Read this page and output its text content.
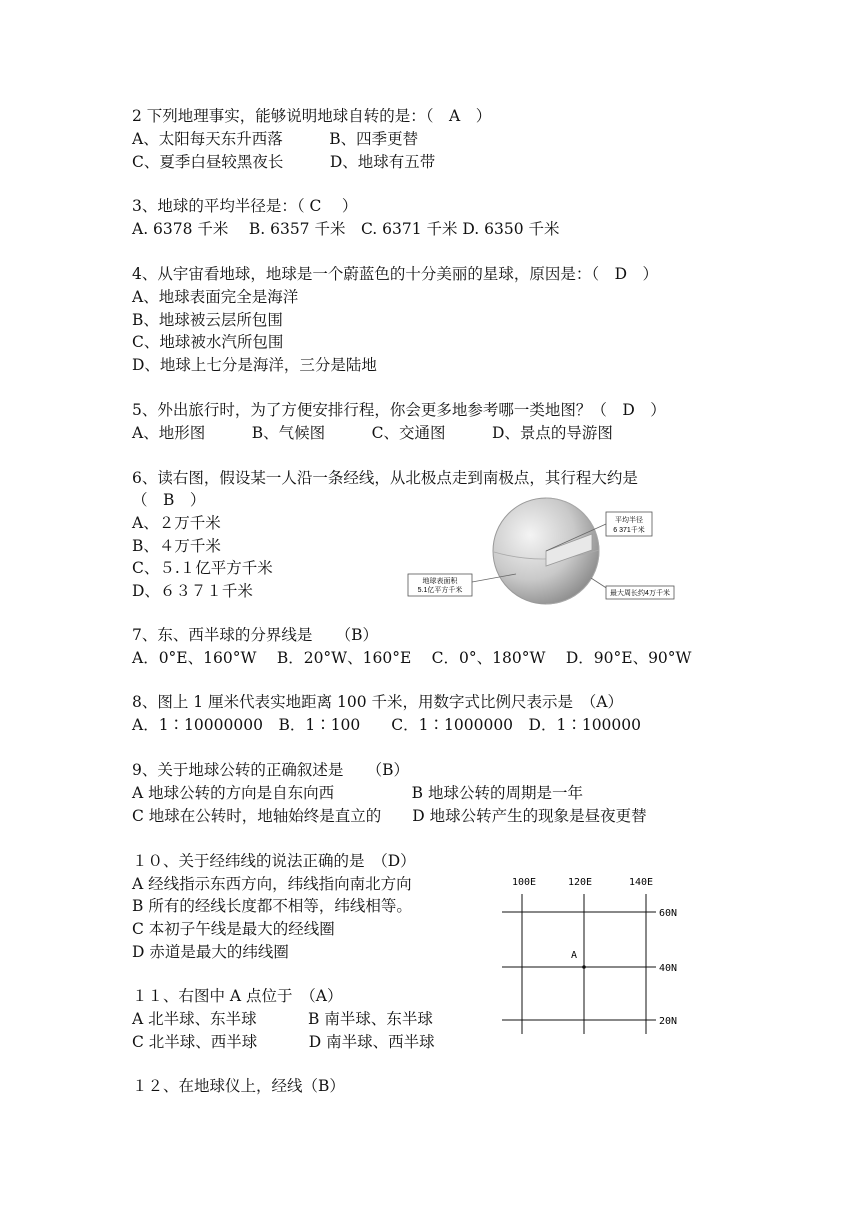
2 下列地理事实，能够说明地球自转的是：（　A　）
A、太阳每天东升西落　　　B、四季更替
C、夏季白昼较黑夜长　　　D、地球有五带
3、地球的平均半径是：（ C　 ）
A. 6378 千米　 B. 6357 千米　C. 6371 千米 D. 6350 千米
4、从宇宙看地球，地球是一个蔚蓝色的十分美丽的星球，原因是：（　D　）
A、地球表面完全是海洋
B、地球被云层所包围
C、地球被水汽所包围
D、地球上七分是海洋，三分是陆地
5、外出旅行时，为了方便安排行程，你会更多地参考哪一类地图？（　D　）
A、地形图　　　B、气候图　　　C、交通图　　　D、景点的导游图
6、读右图，假设某一人沿一条经线，从北极点走到南极点，其行程大约是
（　B　）
A、２万千米
B、４万千米
C、５.１亿平方千米
D、６３７１千米
平均半径
6 371千米
地球表面积
5.1亿平方千米	最大周长约4万千米
7、东、西半球的分界线是　　（B）
A．0°E、160°W　 B．20°W、160°E　 C．0°、180°W　 D．90°E、90°W
8、图上 1 厘米代表实地距离 100 千米，用数字式比例尺表示是　（A）
A．1∶10000000　B．1∶100　　C．1∶1000000　D．1∶100000
9、关于地球公转的正确叙述是　　（B）
A 地球公转的方向是自东向西　　　　　B 地球公转的周期是一年
C 地球在公转时，地轴始终是直立的　　D 地球公转产生的现象是昼夜更替
１０、关于经纬线的说法正确的是　（D）
A 经线指示东西方向，纬线指向南北方向
B 所有的经线长度都不相等，纬线相等。
C 本初子午线是最大的经线圈
D 赤道是最大的纬线圈
１１、右图中 A 点位于　（A）
A 北半球、东半球　　　 B 南半球、东半球
C 北半球、西半球　　　 D 南半球、西半球
100E	120E	140E
60N
40N
20N
A
１２、在地球仪上，经线（B）
